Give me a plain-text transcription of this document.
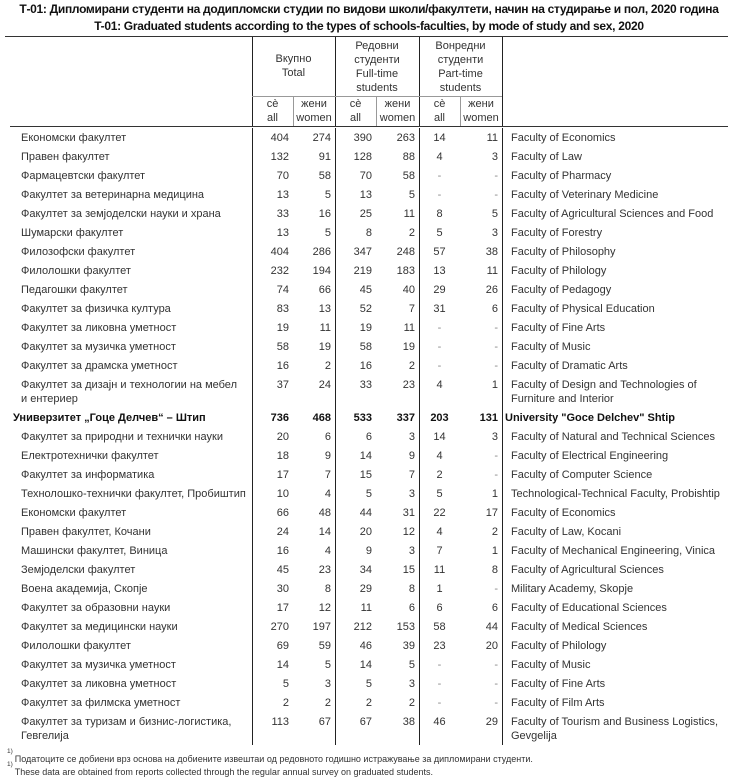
Т-01: Дипломирани студенти на додипломски студии по видови школи/факултети, начин на студирање и пол, 2020 година
T-01: Graduated students according to the types of schools-faculties, by mode of study and sex, 2020
Вкупно
Total
Редовни
студенти
Full-time
students
Вонредни
студенти
Part-time
students
сè
all
жени
women
сè
all
жени
women
сè
all
жени
women
Економски факултет	404	274	390	263	14	11	Faculty of Economics
Правен факултет	132	91	128	88	4	3	Faculty of Law
Фармацевтски факултет	70	58	70	58	-	-	Faculty of Pharmacy
Факултет за ветеринарна медицина	13	5	13	5	-	-	Faculty of Veterinary Medicine
Факултет за земјоделски науки и храна	33	16	25	11	8	5	Faculty of Agricultural Sciences and Food
Шумарски факултет	13	5	8	2	5	3	Faculty of Forestry
Филозофски факултет	404	286	347	248	57	38	Faculty of Philosophy
Филолошки факултет	232	194	219	183	13	11	Faculty of Philology
Педагошки факултет	74	66	45	40	29	26	Faculty of Pedagogy
Факултет за физичка култура	83	13	52	7	31	6	Faculty of Physical Education
Факултет за ликовна уметност	19	11	19	11	-	-	Faculty of Fine Arts
Факултет за музичка уметност	58	19	58	19	-	-	Faculty of Music
Факултет за драмска уметност	16	2	16	2	-	-	Faculty of Dramatic Arts
Факултет за дизајн и технологии на мебел и ентериер	37	24	33	23	4	1	Faculty of Design and Technologies of Furniture and Interior
Универзитет „Гоце Делчев“ – Штип	736	468	533	337	203	131	University "Goce Delchev" Shtip
Факултет за природни и технички науки	20	6	6	3	14	3	Faculty of Natural and Technical Sciences
Електротехнички факултет	18	9	14	9	4	-	Faculty of Electrical Engineering
Факултет за информатика	17	7	15	7	2	-	Faculty of Computer Science
Технолошко-технички факултет, Пробиштип	10	4	5	3	5	1	Technological-Technical Faculty, Probishtip
Економски факултет	66	48	44	31	22	17	Faculty of Economics
Правен факултет, Кочани	24	14	20	12	4	2	Faculty of Law, Kocani
Машински факултет, Виница	16	4	9	3	7	1	Faculty of Mechanical Engineering, Vinica
Земјоделски факултет	45	23	34	15	11	8	Faculty of Agricultural Sciences
Воена академија, Скопје	30	8	29	8	1	-	Military Academy, Skopje
Факултет за образовни науки	17	12	11	6	6	6	Faculty of Educational Sciences
Факултет за медицински науки	270	197	212	153	58	44	Faculty of Medical Sciences
Филолошки факултет	69	59	46	39	23	20	Faculty of Philology
Факултет за музичка уметност	14	5	14	5	-	-	Faculty of Music
Факултет за ликовна уметност	5	3	5	3	-	-	Faculty of Fine Arts
Факултет за филмска уметност	2	2	2	2	-	-	Faculty of Film Arts
Факултет за туризам и бизнис-логистика, Гевгелија	113	67	67	38	46	29	Faculty of Tourism and Business Logistics, Gevgelija
$^{1)}$Податоците се добиени врз основа на добиените извештаи од редовното годишно истражување за дипломирани студенти.
$^{1)}$These data are obtained from reports collected through the regular annual survey on graduated students.
